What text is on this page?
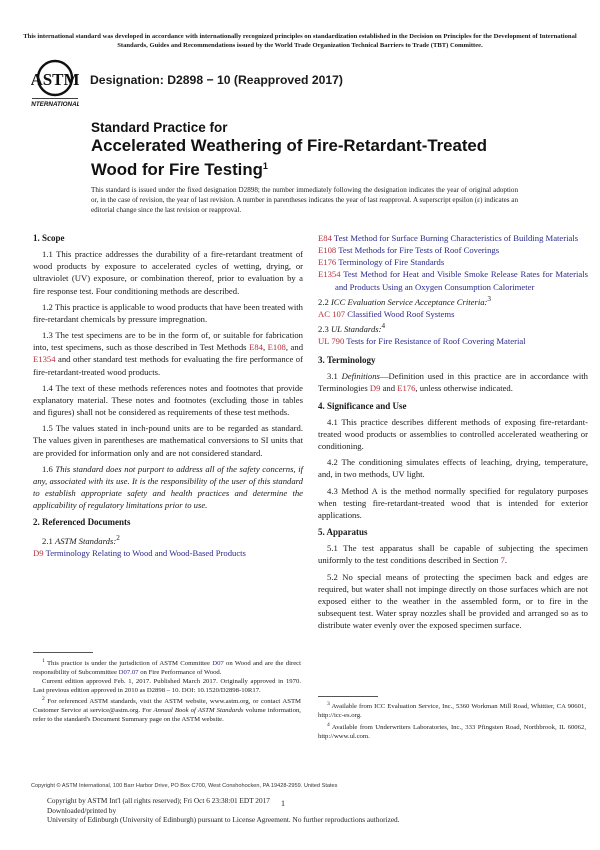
This international standard was developed in accordance with internationally recognized principles on standardization established in the Decision on Principles for the Development of International Standards, Guides and Recommendations issued by the World Trade Organization Technical Barriers to Trade (TBT) Committee.
ASTM
INTERNATIONAL
Designation: D2898 − 10 (Reapproved 2017)
Standard Practice for
Accelerated Weathering of Fire-Retardant-Treated Wood for Fire Testing$^1$
This standard is issued under the fixed designation D2898; the number immediately following the designation indicates the year of original adoption or, in the case of revision, the year of last revision. A number in parentheses indicates the year of last reapproval. A superscript epsilon (ε) indicates an editorial change since the last revision or reapproval.
1. Scope

1.1 This practice addresses the durability of a fire-retardant treatment of wood products by exposure to accelerated cycles of wetting, drying, or ultraviolet (UV) exposure, or combination thereof, prior to evaluation by a fire response test. Four conditioning methods are described.

1.2 This practice is applicable to wood products that have been treated with fire-retardant chemicals by pressure impregnation.

1.3 The test specimens are to be in the form of, or suitable for fabrication into, test specimens, such as those described in Test Methods E84, E108, and E1354 and other standard test methods for evaluating the fire performance of fire-retardant-treated wood products.

1.4 The text of these methods references notes and footnotes that provide explanatory material. These notes and footnotes (excluding those in tables and figures) shall not be considered as requirements of these test methods.

1.5 The values stated in inch-pound units are to be regarded as standard. The values given in parentheses are mathematical conversions to SI units that are provided for information only and are not considered standard.

1.6 This standard does not purport to address all of the safety concerns, if any, associated with its use. It is the responsibility of the user of this standard to establish appropriate safety and health practices and determine the applicability of regulatory limitations prior to use.

2. Referenced Documents
2.1 ASTM Standards:$^2$
D9 Terminology Relating to Wood and Wood-Based Products

$^1$ This practice is under the jurisdiction of ASTM Committee D07 on Wood and are the direct responsibility of Subcommittee D07.07 on Fire Performance of Wood.

Current edition approved Feb. 1, 2017. Published March 2017. Originally approved in 1970. Last previous edition approved in 2010 as D2898 – 10. DOI: 10.1520/D2898-10R17.

$^2$ For referenced ASTM standards, visit the ASTM website, www.astm.org, or contact ASTM Customer Service at service@astm.org. For Annual Book of ASTM Standards volume information, refer to the standard's Document Summary page on the ASTM website.

E84 Test Method for Surface Burning Characteristics of Building Materials
E108 Test Methods for Fire Tests of Roof Coverings
E176 Terminology of Fire Standards
E1354 Test Method for Heat and Visible Smoke Release Rates for Materials and Products Using an Oxygen Consumption Calorimeter
2.2 ICC Evaluation Service Acceptance Criteria:$^3$
AC 107 Classified Wood Roof Systems
2.3 UL Standards:$^4$
UL 790 Tests for Fire Resistance of Roof Covering Material
3. Terminology

3.1 Definitions—Definition used in this practice are in accordance with Terminologies D9 and E176, unless otherwise indicated.

4. Significance and Use

4.1 This practice describes different methods of exposing fire-retardant-treated wood products or assemblies to controlled accelerated weathering or conditioning.

4.2 The conditioning simulates effects of leaching, drying, temperature, and, in two methods, UV light.

4.3 Method A is the method normally specified for regulatory purposes when testing fire-retardant-treated wood that is intended for exterior applications.

5. Apparatus

5.1 The test apparatus shall be capable of subjecting the specimen uniformly to the test conditions described in Section 7.

5.2 No special means of protecting the specimen back and edges are required, but water shall not impinge directly on those surfaces which are not exposed either to the weather in the assembled form, or to fire in the subsequent test. Water spray nozzles shall be provided and arranged so as to distribute water evenly over the exposed specimen surface.

$^3$ Available from ICC Evaluation Service, Inc., 5360 Workman Mill Road, Whittier, CA 90601, http://icc-es.org.

$^4$ Available from Underwriters Laboratories, Inc., 333 Pfingsten Road, Northbrook, IL 60062, http://www.ul.com.

Copyright © ASTM International, 100 Barr Harbor Drive, PO Box C700, West Conshohocken, PA 19428-2959. United States
Copyright by ASTM Int'l (all rights reserved); Fri Oct 6 23:38:01 EDT 2017
Downloaded/printed by
University of Edinburgh (University of Edinburgh) pursuant to License Agreement. No further reproductions authorized.
1
